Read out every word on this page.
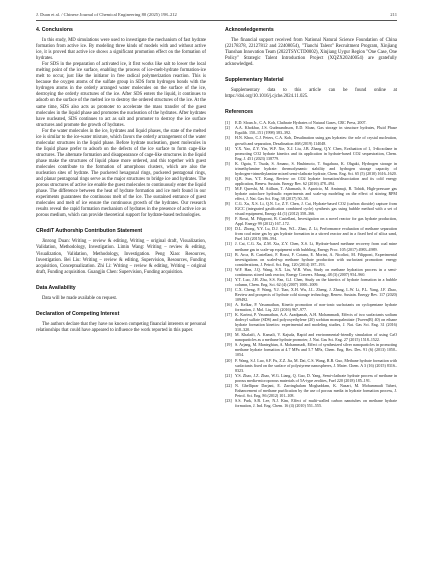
J. Duan et al. / Chinese Journal of Chemical Engineering 80 (2025) 198–212	211
4. Conclusions

In this study, MD simulations were used to investigate the mechanism of fast hydrate formation from active ice. By modeling three kinds of models with and without active ice, it is proved that active ice shows a significant promotion effect on the formation of hydrates.

For SDS in the preparation of activated ice, it first works like salt to lower the local melting point of the ice surface, enabling the process of ice-melt-hydrate formation-ice melt to occur, just like the initiator in free radical polymerization reaction. This is because the oxygen atoms of the sulfate group in SDS form hydrogen bonds with the hydrogen atoms in the orderly arranged water molecules on the surface of the ice, destroying the orderly structures of the ice. After SDS enters the liquid, it continues to adsorb on the surface of the melted ice to destroy the ordered structures of the ice. At the same time, SDS also acts as promoter to accelerate the mass transfer of the guest molecules in the liquid phase and promotes the nucleation of the hydrates. After hydrates have nucleated, SDS continues to act as salt and promoter to destroy the ice surface structures and promote the growth of hydrates.

For the water molecules in the ice, hydrates and liquid phases, the state of the melted ice is similar to the ice-water mixture, which favors the orderly arrangement of the water molecular structures in the liquid phase. Before hydrate nucleation, guest molecules in the liquid phase prefer to adsorb on the defects of the ice surface to form cage-like structures. The alternate formation and disappearance of cage-like structures in the liquid phase make the structures of liquid phase more ordered, and this together with guest molecules contribute to the formation of amorphous clusters, which are also the nucleation sites of hydrate. The puckered hexagonal rings, puckered pentagonal rings, and planar pentagonal rings serve as the major structures to bridge ice and hydrates. The porous structures of active ice enable the guest molecules to continuously enter the liquid phase. The difference between the heat of hydrate formation and ice melt found in our experiments guarantees the continuous melt of the ice. The sustained entrance of guest molecules and melt of ice ensure the continuous growth of the hydrates. Our research results reveal the rapid formation mechanism of hydrates in the presence of active ice as porous medium, which can provide theoretical support for hydrate-based technologies.

CRediT Authorship Contribution Statement

Jinrong Duan: Writing – review & editing, Writing – original draft, Visualization, Validation, Methodology, Investigation. Limin Wang: Writing – review & editing, Visualization, Validation, Methodology, Investigation. Peng Xiao: Resources, Investigation. Bei Liu: Writing – review & editing, Supervision, Resources, Funding acquisition, Conceptualization. Zhi Li: Writing – review & editing, Writing – original draft, Funding acquisition. Guangjin Chen: Supervision, Funding acquisition.

Data Availability

Data will be made available on request.

Declaration of Competing Interest

The authors declare that they have no known competing financial interests or personal relationships that could have appeared to influence the work reported in this paper.

Acknowledgements

The financial support received from National Natural Science Foundation of China (22178378, 22127812 and 22408054), "Tianchi Talent" Recruitment Program, Xinjiang Tianshan Innovation Team (2022TSYCTD0002), Xinjiang Uygur Region "One Case, One Policy" Strategic Talent Introduction Project (XQZX20240054) are gratefully acknowledged.

Supplementary Material

Supplementary data to this article can be found online at https://doi.org/10.1016/j.cjche.2024.11.025.

References
[1] E.D. Sloan Jr., C.A. Koh, Clathrate Hydrates of Natural Gases, CRC Press, 2007.
[2] A.A. Khokhar, J.S. Gudmundsson, E.D. Sloan, Gas storage in structure hydrates, Fluid Phase Equilib. 150–151 (1998) 383–392.
[3] H.N. Khoo, C.J. Peters, C.A. Koh, Desalination using gas hydrates: the role of crystal nucleation, growth and separation, Desalination 468 (2019) 114048.
[4] Y.X. Yao, Z.Y. Yin, W.F. Xie, X.J. Liu, J.B. Zhang, Q.Y. Chen, Evaluation of 1, 3-dioxolane in promoting CO2 hydrate kinetics and its application in hydrate-based CO2 sequestration, Chem. Eng. J. 451 (2023) 138779.
[5] K. Ogata, T. Tsuda, S. Amano, S. Hashimoto, T. Sugahara, K. Ohgaki, Hydrogen storage in trimethylamine hydrate: thermodynamic stability and hydrogen storage capacity of hydrogen+trimethylamine mixed semi-clathrate hydrate, Chem. Eng. Sci. 65 (5) (2010) 1616–1620.
[6] Q.B. Sun, Y.T. Kang, Review on CO2 hydrate formation/dissociation and its cold energy application, Renew. Sustain. Energy Rev. 62 (2016) 478–494.
[7] M.F. Qureshi, M. Atilhan, T. Altamash, S. Aparicio, M. Aminnaji, B. Tohidi, High-pressure gas hydrate autoclave hydraulic experiments and scale-up modeling on the effect of stirring RPM effect, J. Nat. Gas Sci. Eng. 38 (2017) 50–58.
[8] C.G. Xu, X.S. Li, Q.N. Lv, Z.Y. Chen, J. Cai, Hydrate-based CO2 (carbon dioxide) capture from IGCC (integrated gasification combined cycle) synthesis gas using bubble method with a set of visual equipment, Energy 44 (1) (2012) 358–366.
[9] F. Rossi, M. Filipponi, B. Castellani, Investigation on a novel reactor for gas hydrate production, Appl. Energy 99 (2012) 167–172.
[10] D.L. Zhong, Y.Y. Lu, D.J. Sun, W.L. Zhao, Z. Li, Performance evaluation of methane separation from coal mine gas by gas hydrate formation in a stirred reactor and in a fixed bed of silica sand, Fuel 143 (2015) 586–594.
[11] J. Cai, C.G. Xu, Z.M. Xia, Z.Y. Chen, X.S. Li, Hydrate-based methane recovery from coal mine methane gas in scale-up equipment with bubbling, Energy Proc. 105 (2017) 4983–4989.
[12] B. Arca, B. Castellani, F. Rossi, F. Cotana, E. Morini, A. Nicolini, M. Filipponi, Experimental investigations on scaled-up methane hydrate production with surfactant promotion: energy considerations, J. Petrol. Sci. Eng. 120 (2014) 187–193.
[13] W.F. Han, J.Q. Wang, S.X. Liu, W.R. Wan, Study on methane hydration process in a semi-continuous stirred tank reactor, Energy Convers. Manag. 48 (3) (2007) 954–960.
[14] Y.T. Luo, J.H. Zhu, S.S. Fan, G.J. Chen, Study on the kinetics of hydrate formation in a bubble column, Chem. Eng. Sci. 62 (4) (2007) 1000–1009.
[15] C.X. Cheng, F. Wang, Y.J. Tian, X.H. Wu, J.L. Zheng, J. Zhang, L.W. Li, P.L. Yang, J.F. Zhao, Review and prospects of hydrate cold storage technology, Renew. Sustain. Energy Rev. 117 (2020) 109492.
[16] A. Kelkar, P. Vasumathan, Kinetic promotion of non-ionic surfactants on cyclopentane hydrate formation, J. Mol. Liq. 221 (2016) 967–977.
[17] K. Karimi, P. Vasumathan, A.A. Azadpanah, A.H. Mohammadi, Effects of two surfactants sodium dodecyl sulfate (SDS) and polyoxyethylene (20) sorbitan monopalmitate (Tween(R) 40) on ethane hydrate formation kinetics: experimental and modeling studies, J. Nat. Gas Sci. Eng. 31 (2016) 310–320.
[18] M. Khalaifi, A. Kamali, V. Kajuda, Rapid and environmental-friendly simulation of using CaO nanoparticles as a methane hydrate promoter, J. Nat. Gas Sci. Eng. 27 (2015) 1518–1522.
[19] S. Arjang, M. Manteghian, A. Mohammadi, Effect of synthesized silver nanoparticles in promoting methane hydrate formation at 4.7 MPa and 5.7 MPa, Chem. Eng. Res. Des. 91 (6) (2013) 1050–1054.
[20] F. Wang, S.J. Luo, S.F. Fu, Z.Z. Jia, M. Dai, C.S. Wang, R.B. Guo, Methane hydrate formation with surfactants fixed on the surface of polystyrene nanospheres, J. Mater. Chem. A 3 (16) (2015) 8316–8323.
[21] Y.S. Zhao, J.Z. Zhao, W.G. Liang, Q. Gao, D. Yang, Semi-clathrate hydrate process of methane in porous media-microporous materials of 5A-type zeolites, Fuel 220 (2018) 185–191.
[22] N. Ghelliprar Darjani, E. Zarringhalam Moghaddam, K. Nazari, M. Mohammadi Taheri, Enhancement of methane purification by the use of porous media in hydrate formation process, J. Petrol. Sci. Eng. 86 (2012) 101–108.
[23] S.S. Park, S.B. Lee, N.J. Kim, Effect of multi-walled carbon nanotubes on methane hydrate formation, J. Ind. Eng. Chem. 16 (4) (2010) 551–555.
